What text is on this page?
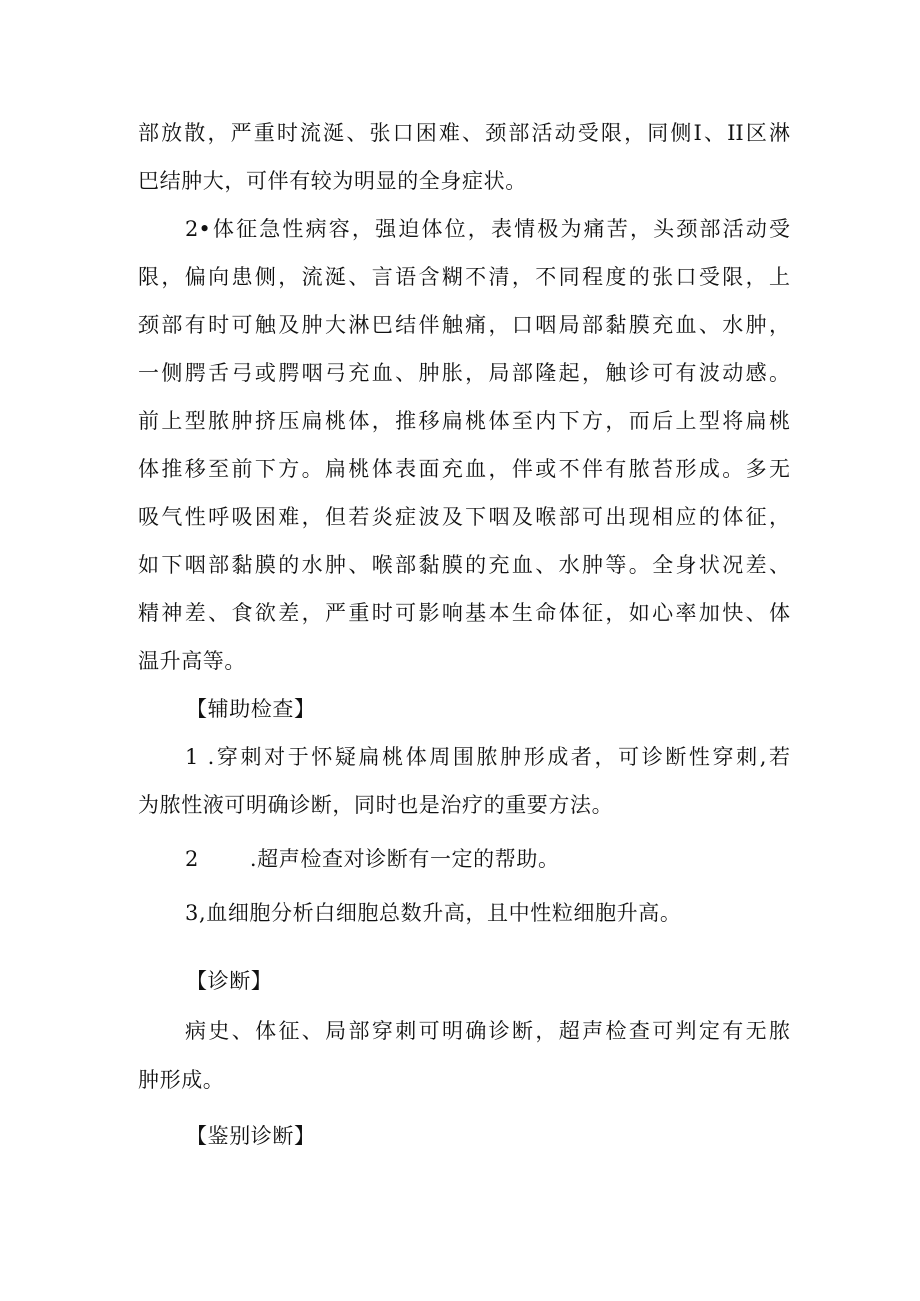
部放散，严重时流涎、张口困难、颈部活动受限，同侧I、II区淋
巴结肿大，可伴有较为明显的全身症状。
2•体征急性病容，强迫体位，表情极为痛苦，头颈部活动受
限，偏向患侧，流涎、言语含糊不清，不同程度的张口受限，上
颈部有时可触及肿大淋巴结伴触痛，口咽局部黏膜充血、水肿，
一侧腭舌弓或腭咽弓充血、肿胀，局部隆起，触诊可有波动感。
前上型脓肿挤压扁桃体，推移扁桃体至内下方，而后上型将扁桃
体推移至前下方。扁桃体表面充血，伴或不伴有脓苔形成。多无
吸气性呼吸困难，但若炎症波及下咽及喉部可出现相应的体征，
如下咽部黏膜的水肿、喉部黏膜的充血、水肿等。全身状况差、
精神差、食欲差，严重时可影响基本生命体征，如心率加快、体
温升高等。
【辅助检查】
1 .穿刺对于怀疑扁桃体周围脓肿形成者，可诊断性穿刺,若
为脓性液可明确诊断，同时也是治疗的重要方法。
2       .超声检查对诊断有一定的帮助。
3,血细胞分析白细胞总数升高，且中性粒细胞升高。
【诊断】
病史、体征、局部穿刺可明确诊断，超声检查可判定有无脓
肿形成。
【鉴别诊断】
